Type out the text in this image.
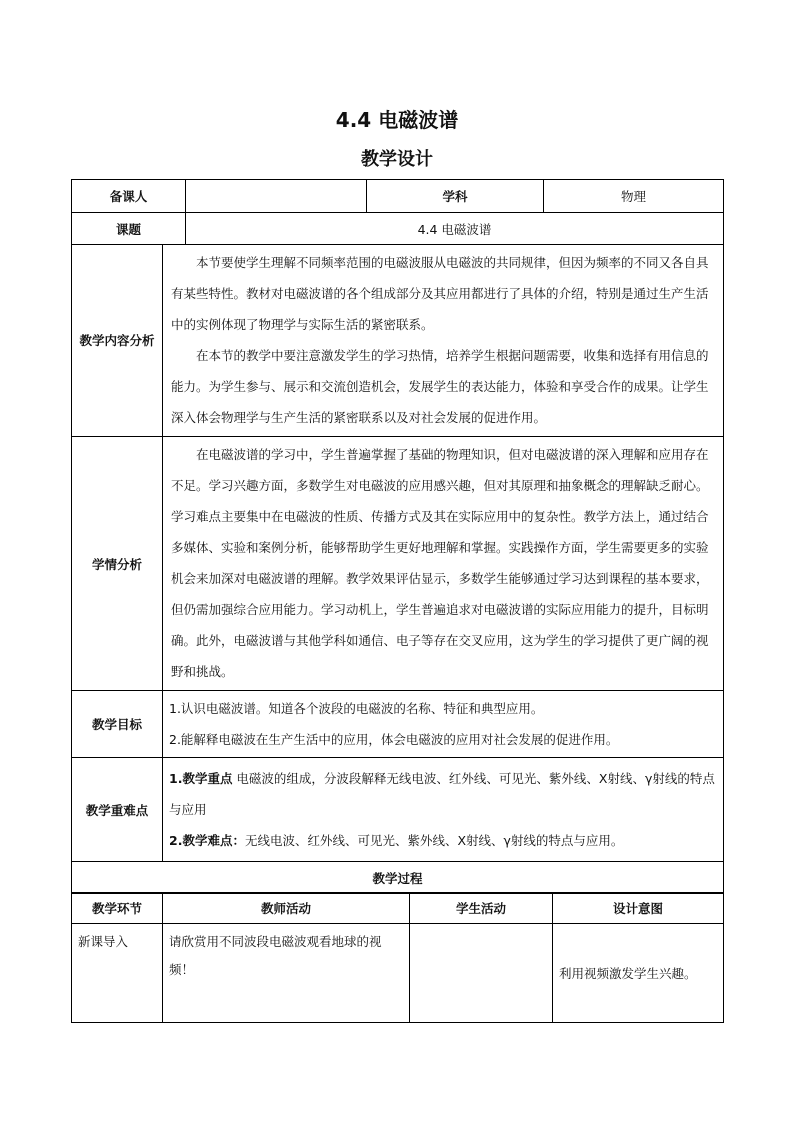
4.4 电磁波谱
教学设计
备课人			学科	物理
课题		4.4 电磁波谱		
教学内容分析	本节要使学生理解不同频率范围的电磁波服从电磁波的共同规律，但因为频率的不同又各自具有某些特性。教材对电磁波谱的各个组成部分及其应用都进行了具体的介绍，特别是通过生产生活中的实例体现了物理学与实际生活的紧密联系。

在本节的教学中要注意激发学生的学习热情，培养学生根据问题需要，收集和选择有用信息的能力。为学生参与、展示和交流创造机会，发展学生的表达能力，体验和享受合作的成果。让学生深入体会物理学与生产生活的紧密联系以及对社会发展的促进作用。			

学情分析	在电磁波谱的学习中，学生普遍掌握了基础的物理知识，但对电磁波谱的深入理解和应用存在不足。学习兴趣方面，多数学生对电磁波的应用感兴趣，但对其原理和抽象概念的理解缺乏耐心。学习难点主要集中在电磁波的性质、传播方式及其在实际应用中的复杂性。教学方法上，通过结合多媒体、实验和案例分析，能够帮助学生更好地理解和掌握。实践操作方面，学生需要更多的实验机会来加深对电磁波谱的理解。教学效果评估显示，多数学生能够通过学习达到课程的基本要求，但仍需加强综合应用能力。学习动机上，学生普遍追求对电磁波谱的实际应用能力的提升，目标明确。此外，电磁波谱与其他学科如通信、电子等存在交叉应用，这为学生的学习提供了更广阔的视野和挑战。			

教学目标	1.认识电磁波谱。知道各个波段的电磁波的名称、特征和典型应用。

2.能解释电磁波在生产生活中的应用，体会电磁波的应用对社会发展的促进作用。			

教学重难点	1.教学重点 电磁波的组成，分波段解释无线电波、红外线、可见光、紫外线、X射线、γ射线的特点与应用

2.教学难点：无线电波、红外线、可见光、紫外线、X射线、γ射线的特点与应用。			

教学过程				
教学环节	教师活动	学生活动	设计意图
新课导入	请欣赏用不同波段电磁波观看地球的视频！		利用视频激发学生兴趣。
